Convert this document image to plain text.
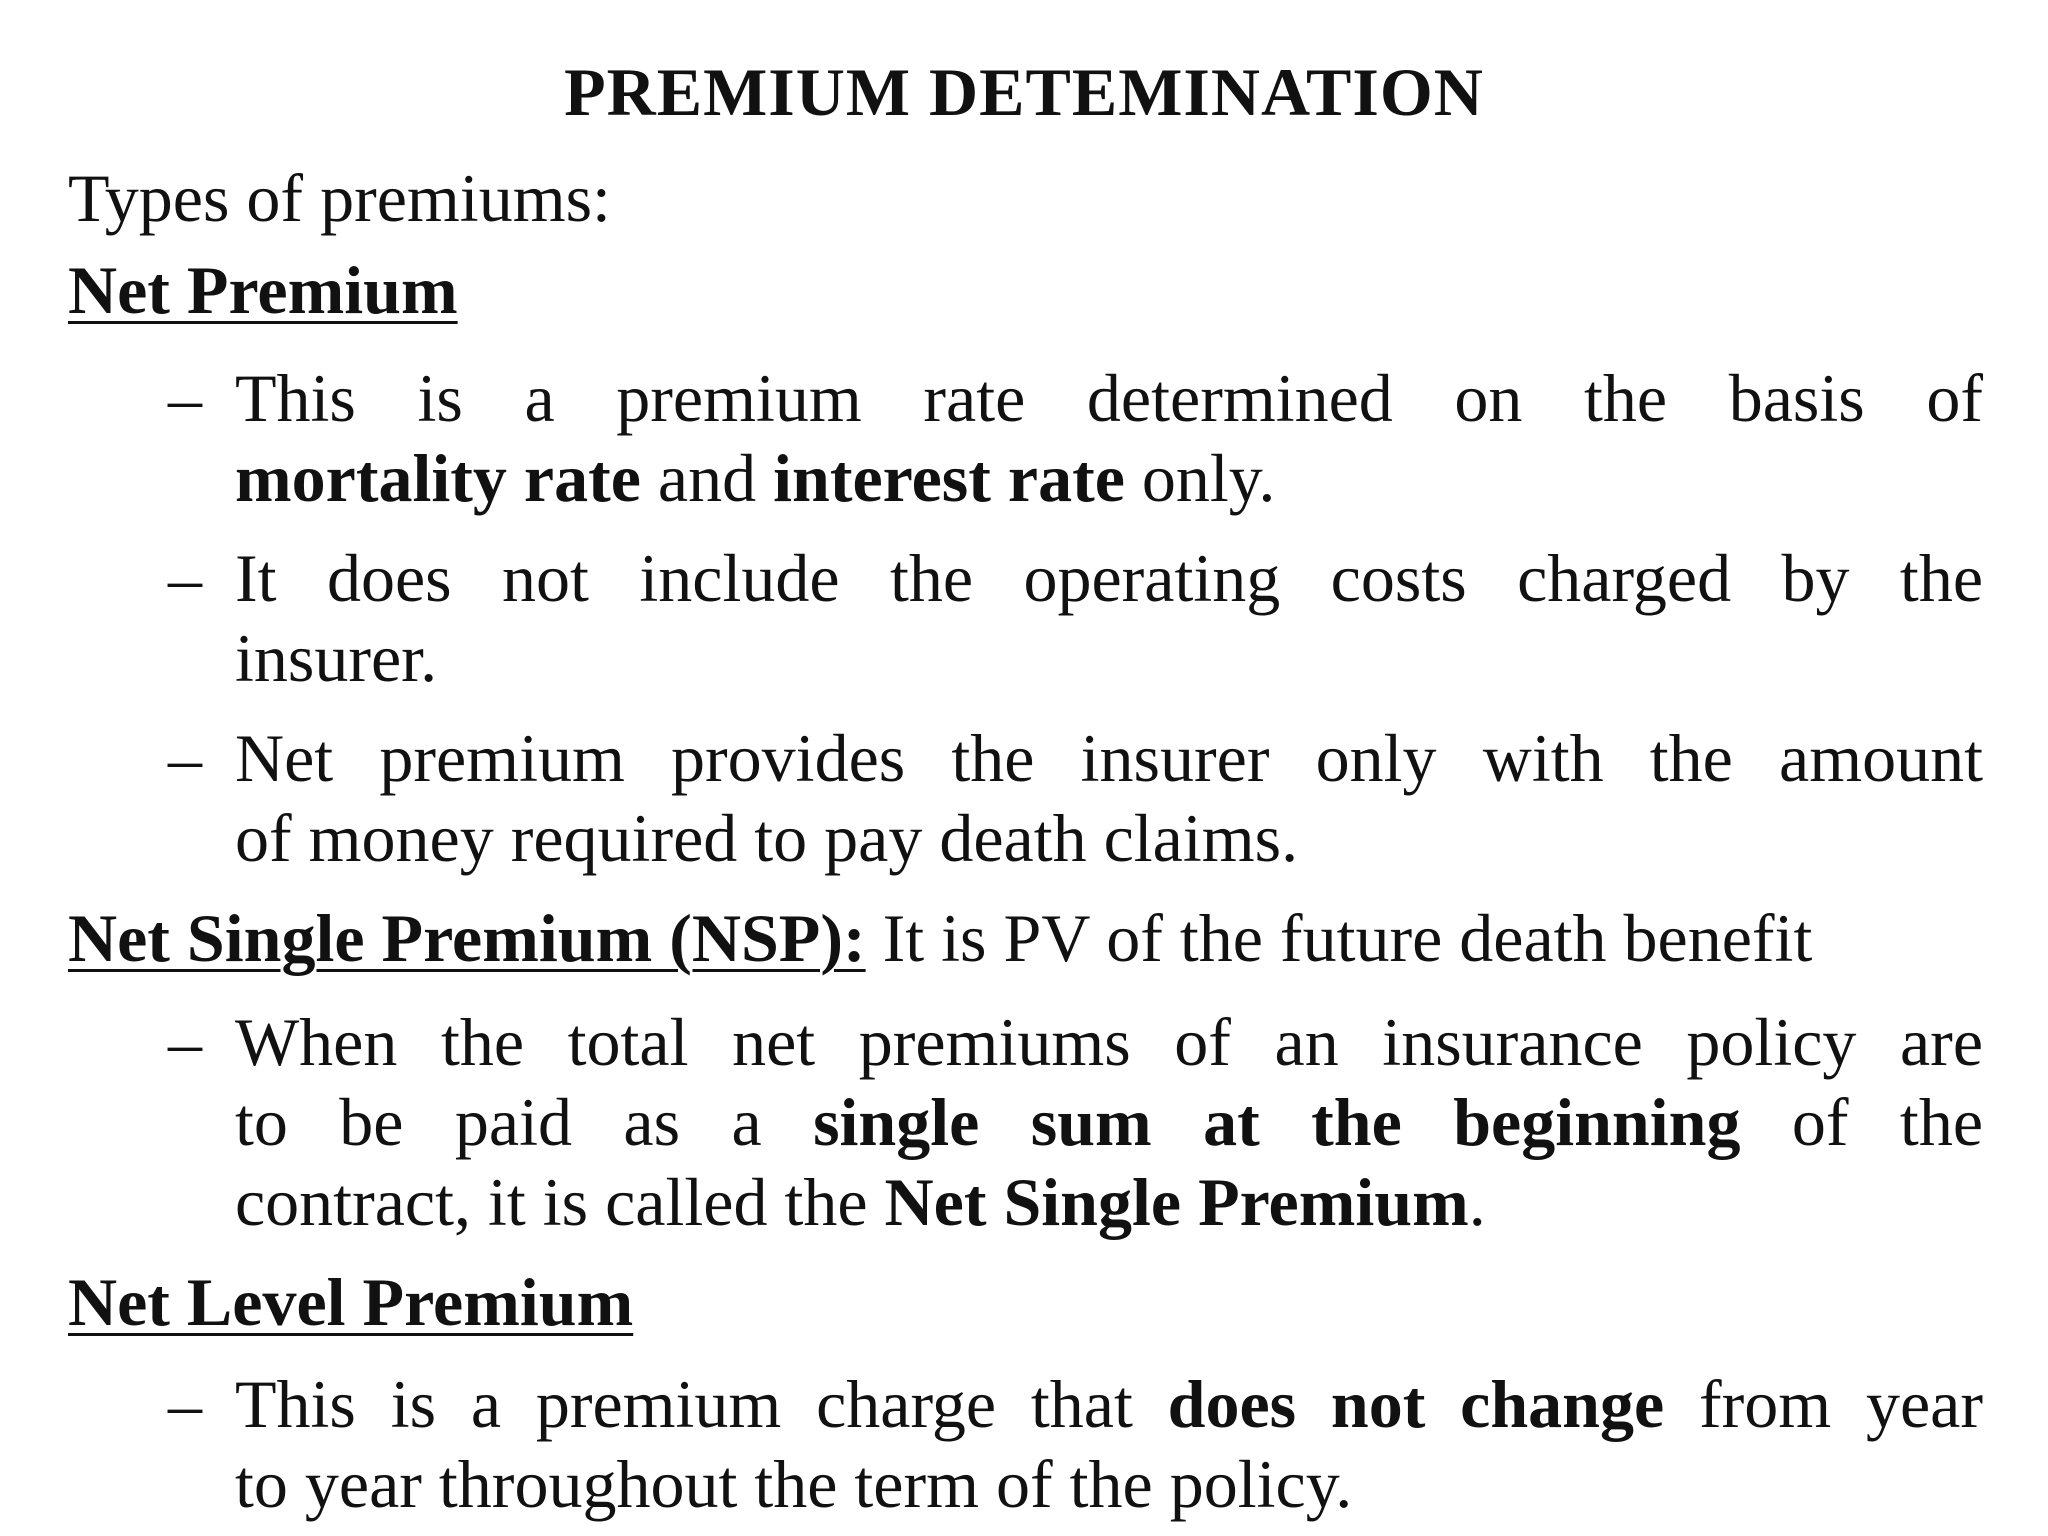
PREMIUM DETEMINATION
Types of premiums:
Net Premium
– This is a premium rate determined on the basis of
mortality rate and interest rate only.
– It does not include the operating costs charged by the
insurer.
– Net premium provides the insurer only with the amount
of money required to pay death claims.
Net Single Premium (NSP): It is PV of the future death benefit
– When the total net premiums of an insurance policy are
to be paid as a single sum at the beginning of the
contract, it is called the Net Single Premium.
Net Level Premium
– This is a premium charge that does not change from year
to year throughout the term of the policy.
